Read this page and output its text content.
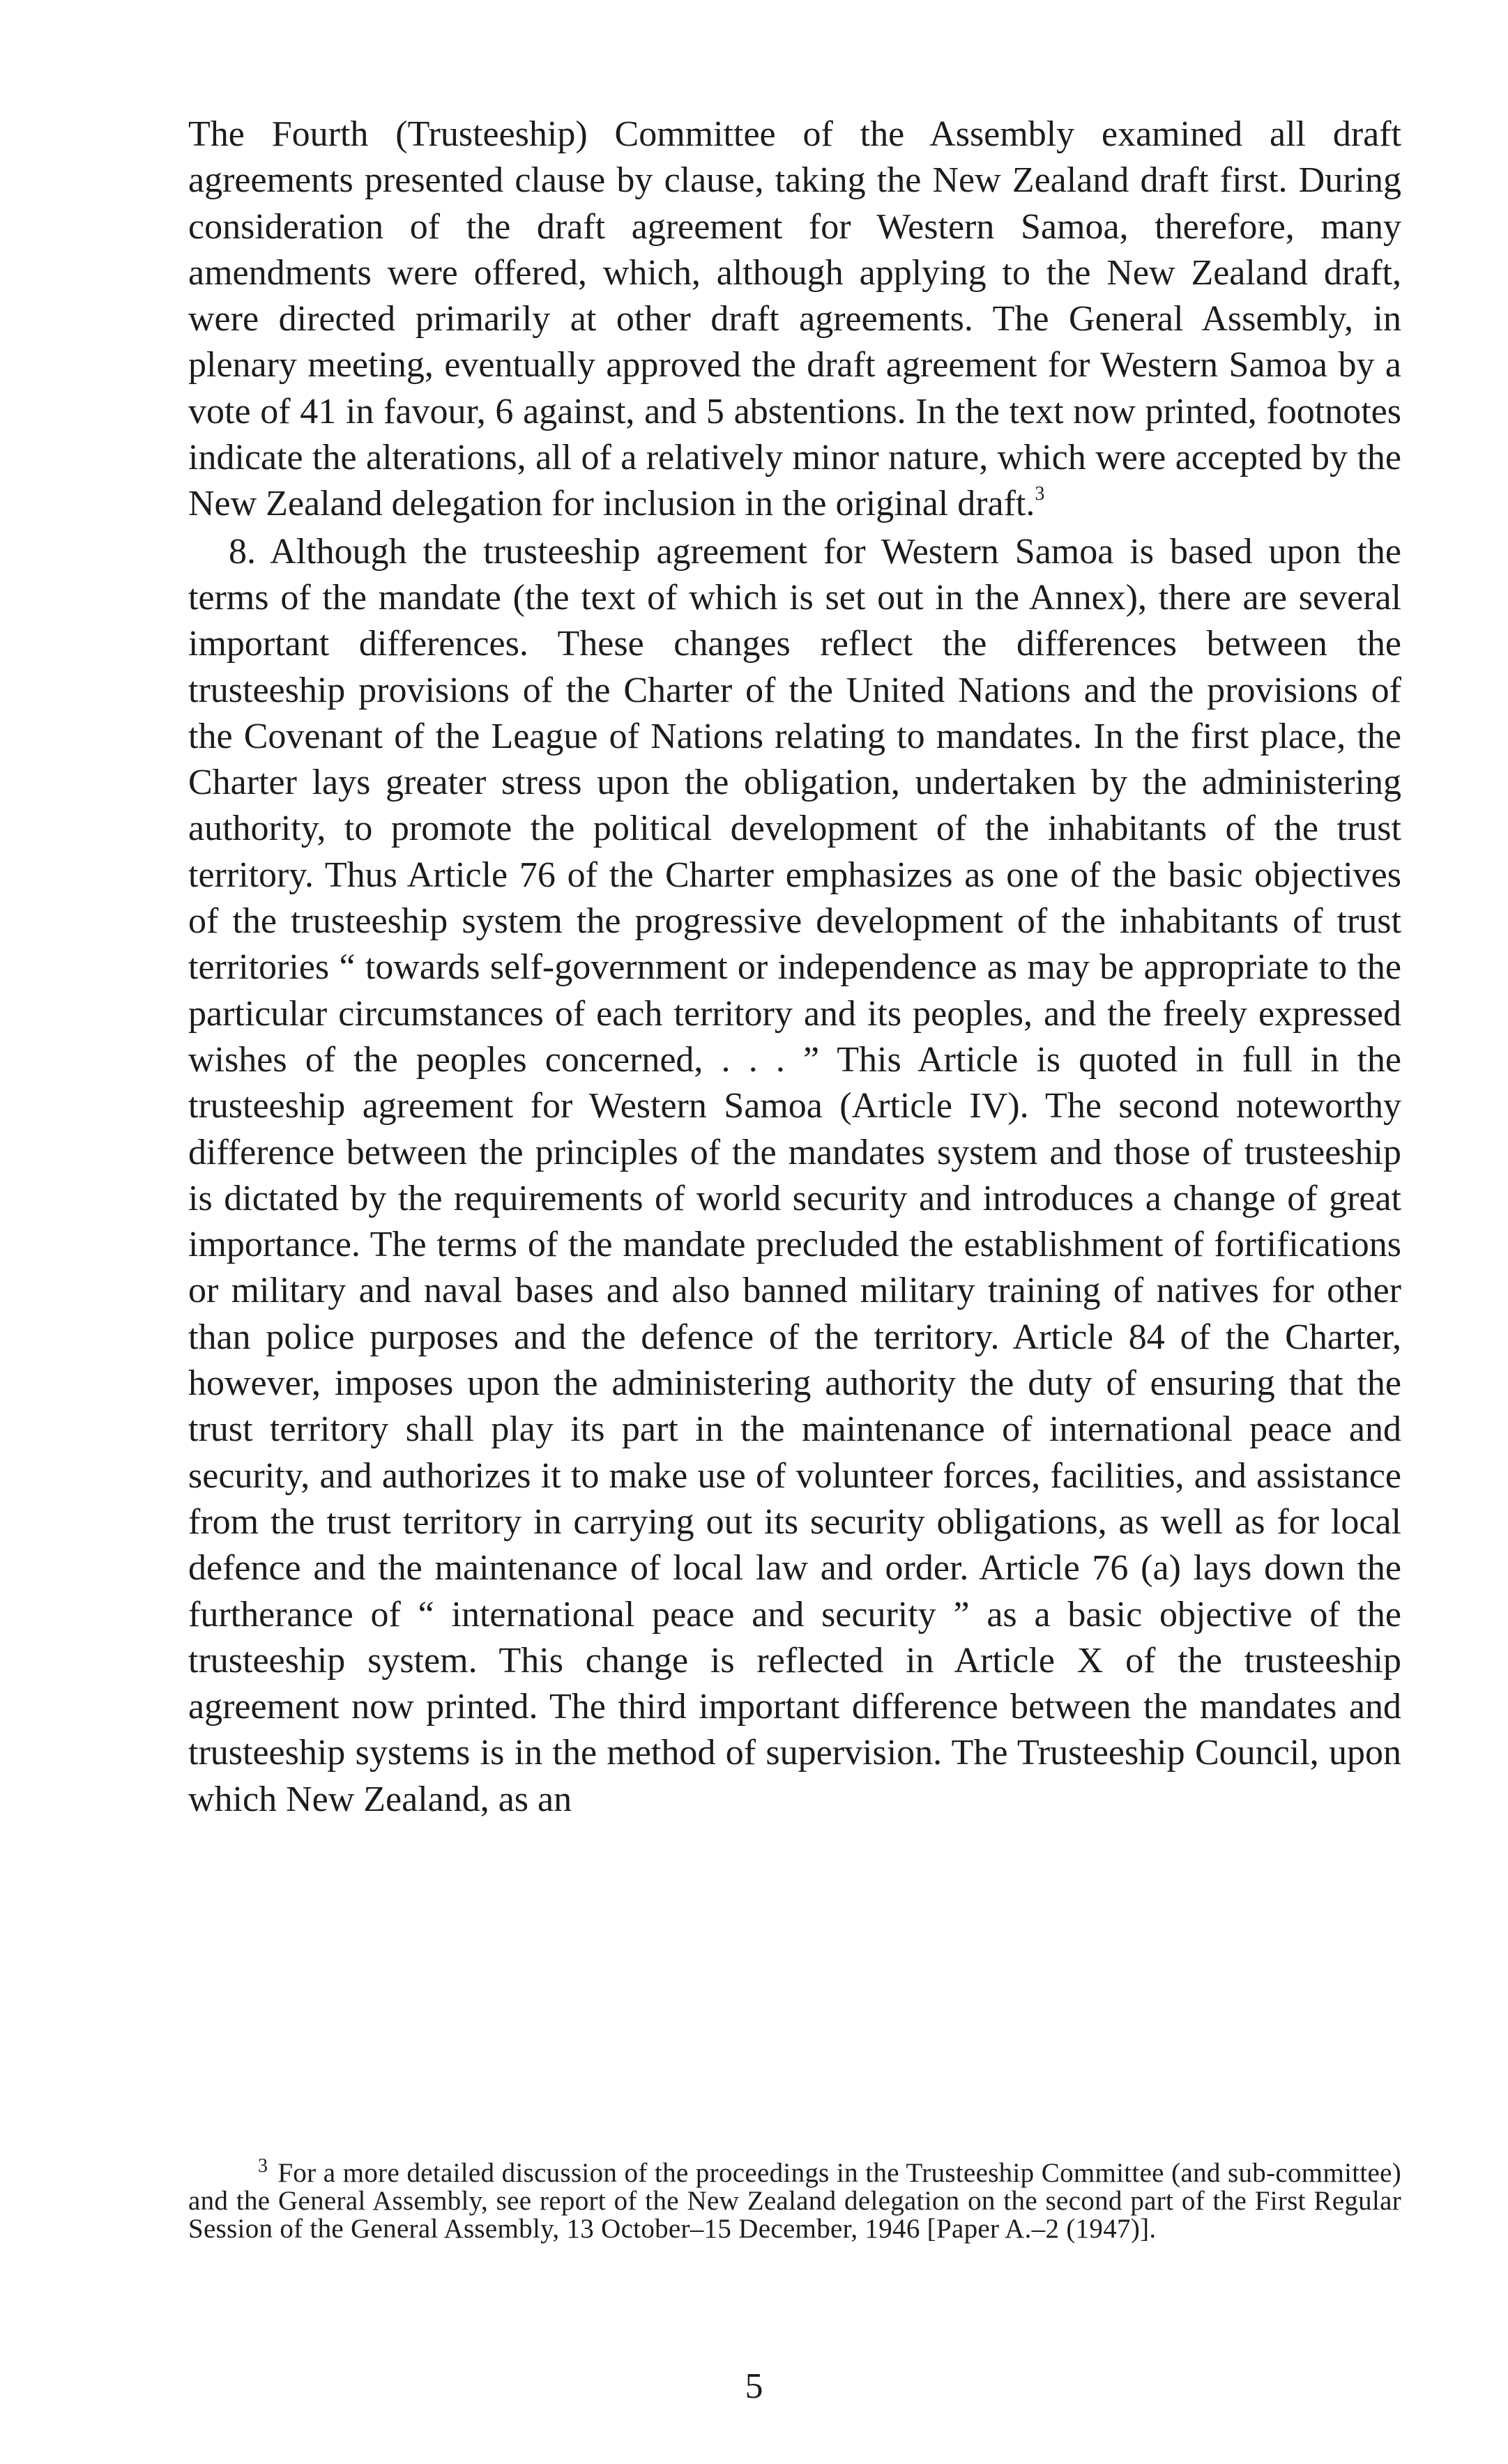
The Fourth (Trusteeship) Committee of the Assembly examined all draft agreements presented clause by clause, taking the New Zealand draft first. During consideration of the draft agreement for Western Samoa, therefore, many amendments were offered, which, although applying to the New Zealand draft, were directed primarily at other draft agreements. The General Assembly, in plenary meeting, eventually approved the draft agreement for Western Samoa by a vote of 41 in favour, 6 against, and 5 abstentions. In the text now printed, footnotes indicate the alterations, all of a relatively minor nature, which were accepted by the New Zealand delegation for inclusion in the original draft.$^3$

8. Although the trusteeship agreement for Western Samoa is based upon the terms of the mandate (the text of which is set out in the Annex), there are several important differences. These changes reflect the differences between the trusteeship provisions of the Charter of the United Nations and the provisions of the Covenant of the League of Nations relating to mandates. In the first place, the Charter lays greater stress upon the obligation, undertaken by the administering authority, to promote the political development of the inhabitants of the trust territory. Thus Article 76 of the Charter emphasizes as one of the basic objectives of the trusteeship system the progressive development of the inhabitants of trust territories “ towards self-government or independence as may be appropriate to the particular circumstances of each territory and its peoples, and the freely expressed wishes of the peoples concerned, . . . ” This Article is quoted in full in the trusteeship agreement for Western Samoa (Article IV). The second noteworthy difference between the principles of the mandates system and those of trusteeship is dictated by the requirements of world security and introduces a change of great importance. The terms of the mandate precluded the establishment of fortifications or military and naval bases and also banned military training of natives for other than police purposes and the defence of the territory. Article 84 of the Charter, however, imposes upon the administering authority the duty of ensuring that the trust territory shall play its part in the maintenance of international peace and security, and authorizes it to make use of volunteer forces, facilities, and assistance from the trust territory in carrying out its security obligations, as well as for local defence and the maintenance of local law and order. Article 76 (a) lays down the furtherance of “ international peace and security ” as a basic objective of the trusteeship system. This change is reflected in Article X of the trusteeship agreement now printed. The third important difference between the mandates and trusteeship systems is in the method of supervision. The Trusteeship Council, upon which New Zealand, as an

$^3$ For a more detailed discussion of the proceedings in the Trusteeship Committee (and sub-committee) and the General Assembly, see report of the New Zealand delegation on the second part of the First Regular Session of the General Assembly, 13 October–15 December, 1946 [Paper A.–2 (1947)].

5
